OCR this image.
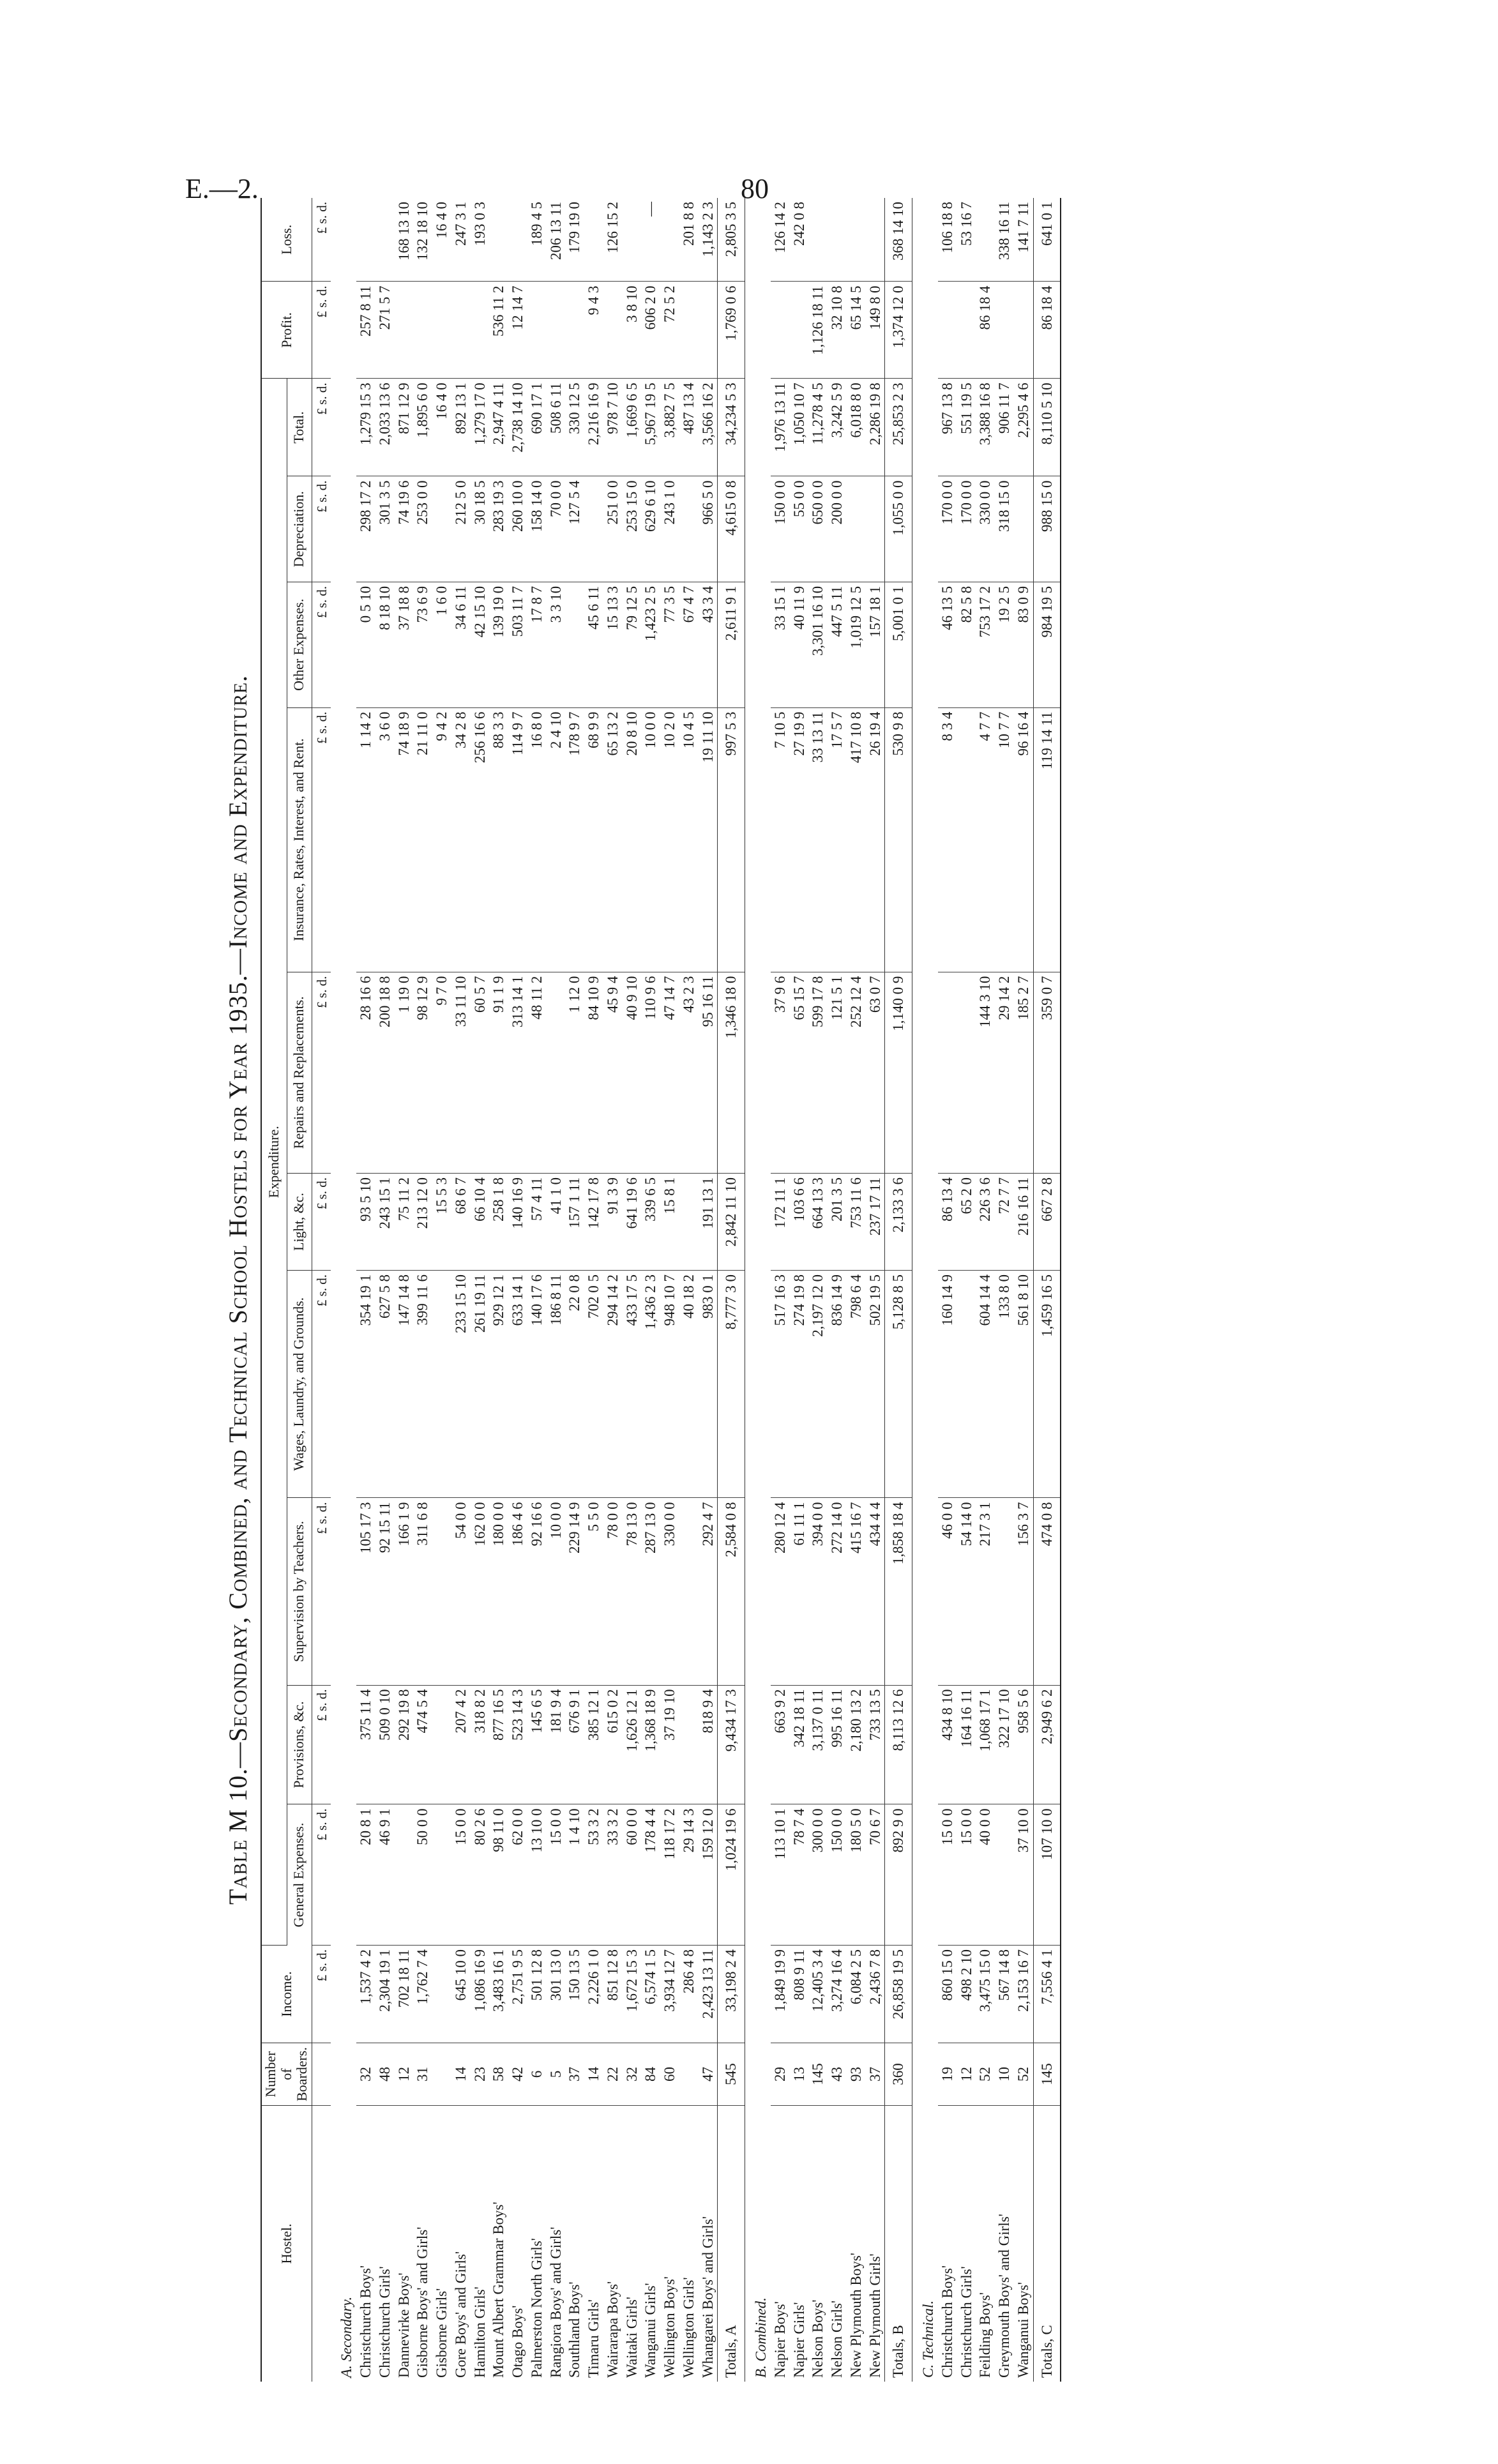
E.—2.	80
Table M 10.—Secondary, Combined, and Technical School Hostels for Year 1935.—Income and Expenditure.
Hostel.	Number of Boarders.	Income.	Expenditure.										Profit.	Loss.
			General Expenses.	Provisions, &c.	Supervision by Teachers.	Wages, Laundry, and Grounds.	Light, &c.	Repairs and Replacements.	Insurance, Rates, Interest, and Rent.	Other Expenses.	Depreciation.	Total.		
		£ s. d.	£ s. d.	£ s. d.	£ s. d.	£ s. d.	£ s. d.	£ s. d.	£ s. d.	£ s. d.	£ s. d.	£ s. d.	£ s. d.	£ s. d.
A. Secondary.														
Christchurch Boys'	32	1,537 4 2	20 8 1	375 11 4	105 17 3	354 19 1	93 5 10	28 16 6	1 14 2	0 5 10	298 17 2	1,279 15 3	257 8 11	
Christchurch Girls'	48	2,304 19 1	46 9 1	509 0 10	92 15 11	627 5 8	243 15 1	200 18 8	3 6 0	8 18 10	301 3 5	2,033 13 6	271 5 7	
Dannevirke Boys'	12	702 18 11		292 19 8	166 1 9	147 14 8	75 11 2	1 19 0	74 18 9	37 18 8	74 19 6	871 12 9		168 13 10
Gisborne Boys' and Girls'	31	1,762 7 4	50 0 0	474 5 4	311 6 8	399 11 6	213 12 0	98 12 9	21 11 0	73 6 9	253 0 0	1,895 6 0		132 18 10
Gisborne Girls'							15 5 3	9 7 0	9 4 2	1 6 0		16 4 0		16 4 0
Gore Boys' and Girls'	14	645 10 0	15 0 0	207 4 2	54 0 0	233 15 10	68 6 7	33 11 10	34 2 8	34 6 11	212 5 0	892 13 1		247 3 1
Hamilton Girls'	23	1,086 16 9	80 2 6	318 8 2	162 0 0	261 19 11	66 10 4	60 5 7	256 16 6	42 15 10	30 18 5	1,279 17 0		193 0 3
Mount Albert Grammar Boys'	58	3,483 16 1	98 11 0	877 16 5	180 0 0	929 12 1	258 1 8	91 1 9	88 3 3	139 19 0	283 19 3	2,947 4 11	536 11 2	
Otago Boys'	42	2,751 9 5	62 0 0	523 14 3	186 4 6	633 14 1	140 16 9	313 14 1	114 9 7	503 11 7	260 10 0	2,738 14 10	12 14 7	
Palmerston North Girls'	6	501 12 8	13 10 0	145 6 5	92 16 6	140 17 6	57 4 11	48 11 2	16 8 0	17 8 7	158 14 0	690 17 1		189 4 5
Rangiora Boys' and Girls'	5	301 13 0	15 0 0	181 9 4	10 0 0	186 8 11	41 1 0		2 4 10	3 3 10	70 0 0	508 6 11		206 13 11
Southland Boys'	37	150 13 5	1 4 10	676 9 1	229 14 9	22 0 8	157 1 11	1 12 0	178 9 7		127 5 4	330 12 5		179 19 0
Timaru Girls'	14	2,226 1 0	53 3 2	385 12 1	5 5 0	702 0 5	142 17 8	84 10 9	68 9 9	45 6 11		2,216 16 9	9 4 3	
Wairarapa Boys'	22	851 12 8	33 3 2	615 0 2	78 0 0	294 14 2	91 3 9	45 9 4	65 13 2	15 13 3	251 0 0	978 7 10		126 15 2
Waitaki Girls'	32	1,672 15 3	60 0 0	1,626 12 1	78 13 0	433 17 5	641 19 6	40 9 10	20 8 10	79 12 5	253 15 0	1,669 6 5	3 8 10	
Wanganui Girls'	84	6,574 1 5	178 4 4	1,368 18 9	287 13 0	1,436 2 3	339 6 5	110 9 6	10 0 0	1,423 2 5	629 6 10	5,967 19 5	606 2 0	—
Wellington Boys'	60	3,934 12 7	118 17 2	37 19 10	330 0 0	948 10 7	15 8 1	47 14 7	10 2 0	77 3 5	243 1 0	3,882 7 5	72 5 2	
Wellington Girls'		286 4 8	29 14 3			40 18 2		43 2 3	10 4 5	67 4 7		487 13 4		201 8 8
Whangarei Boys' and Girls'	47	2,423 13 11	159 12 0	818 9 4	292 4 7	983 0 1	191 13 1	95 16 11	19 11 10	43 3 4	966 5 0	3,566 16 2		1,143 2 3
Totals, A	545	33,198 2 4	1,024 19 6	9,434 17 3	2,584 0 8	8,777 3 0	2,842 11 10	1,346 18 0	997 5 3	2,611 9 1	4,615 0 8	34,234 5 3	1,769 0 6	2,805 3 5
B. Combined.														
Napier Boys'	29	1,849 19 9	113 10 1	663 9 2	280 12 4	517 16 3	172 11 1	37 9 6	7 10 5	33 15 1	150 0 0	1,976 13 11		126 14 2
Napier Girls'	13	808 9 11	78 7 4	342 18 11	61 11 1	274 19 8	103 6 6	65 15 7	27 19 9	40 11 9	55 0 0	1,050 10 7		242 0 8
Nelson Boys'	145	12,405 3 4	300 0 0	3,137 0 11	394 0 0	2,197 12 0	664 13 3	599 17 8	33 13 11	3,301 16 10	650 0 0	11,278 4 5	1,126 18 11	
Nelson Girls'	43	3,274 16 4	150 0 0	995 16 11	272 14 0	836 14 9	201 3 5	121 5 1	17 5 7	447 5 11	200 0 0	3,242 5 9	32 10 8	
New Plymouth Boys'	93	6,084 2 5	180 5 0	2,180 13 2	415 16 7	798 6 4	753 11 6	252 12 4	417 10 8	1,019 12 5		6,018 8 0	65 14 5	
New Plymouth Girls'	37	2,436 7 8	70 6 7	733 13 5	434 4 4	502 19 5	237 17 11	63 0 7	26 19 4	157 18 1		2,286 19 8	149 8 0	
Totals, B	360	26,858 19 5	892 9 0	8,113 12 6	1,858 18 4	5,128 8 5	2,133 3 6	1,140 0 9	530 9 8	5,001 0 1	1,055 0 0	25,853 2 3	1,374 12 0	368 14 10
C. Technical.														
Christchurch Boys'	19	860 15 0	15 0 0	434 8 10	46 0 0	160 14 9	86 13 4		8 3 4	46 13 5	170 0 0	967 13 8		106 18 8
Christchurch Girls'	12	498 2 10	15 0 0	164 16 11	54 14 0		65 2 0			82 5 8	170 0 0	551 19 5		53 16 7
Feilding Boys'	52	3,475 15 0	40 0 0	1,068 17 1	217 3 1	604 14 4	226 3 6	144 3 10	4 7 7	753 17 2	330 0 0	3,388 16 8	86 18 4	
Greymouth Boys' and Girls'	10	567 14 8		322 17 10		133 8 0	72 7 7	29 14 2	10 7 7	19 2 5	318 15 0	906 11 7		338 16 11
Wanganui Boys'	52	2,153 16 7	37 10 0	958 5 6	156 3 7	561 8 10	216 16 11	185 2 7	96 16 4	83 0 9		2,295 4 6		141 7 11
Totals, C	145	7,556 4 1	107 10 0	2,949 6 2	474 0 8	1,459 16 5	667 2 8	359 0 7	119 14 11	984 19 5	988 15 0	8,110 5 10	86 18 4	641 0 1
